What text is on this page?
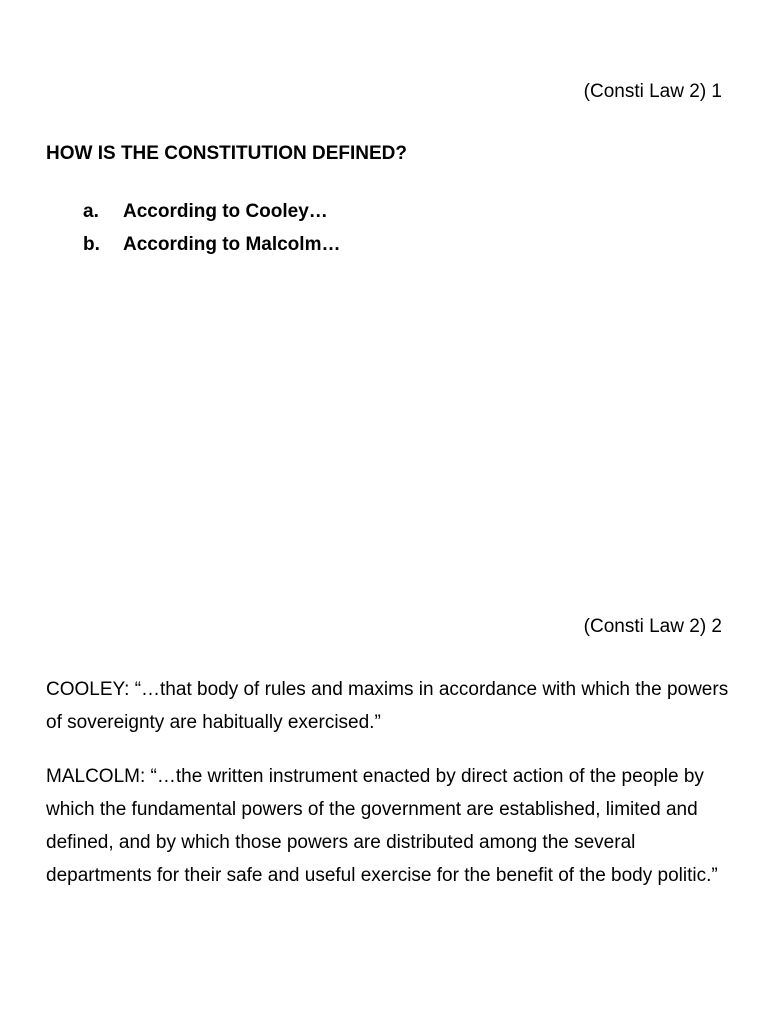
(Consti Law 2) 1
HOW IS THE CONSTITUTION DEFINED?
a. According to Cooley…
b. According to Malcolm…
(Consti Law 2) 2

COOLEY: “…that body of rules and maxims in accordance with which the powers of sovereignty are habitually exercised.”

MALCOLM: “…the written instrument enacted by direct action of the people by which the fundamental powers of the government are established, limited and defined, and by which those powers are distributed among the several departments for their safe and useful exercise for the benefit of the body politic.”
